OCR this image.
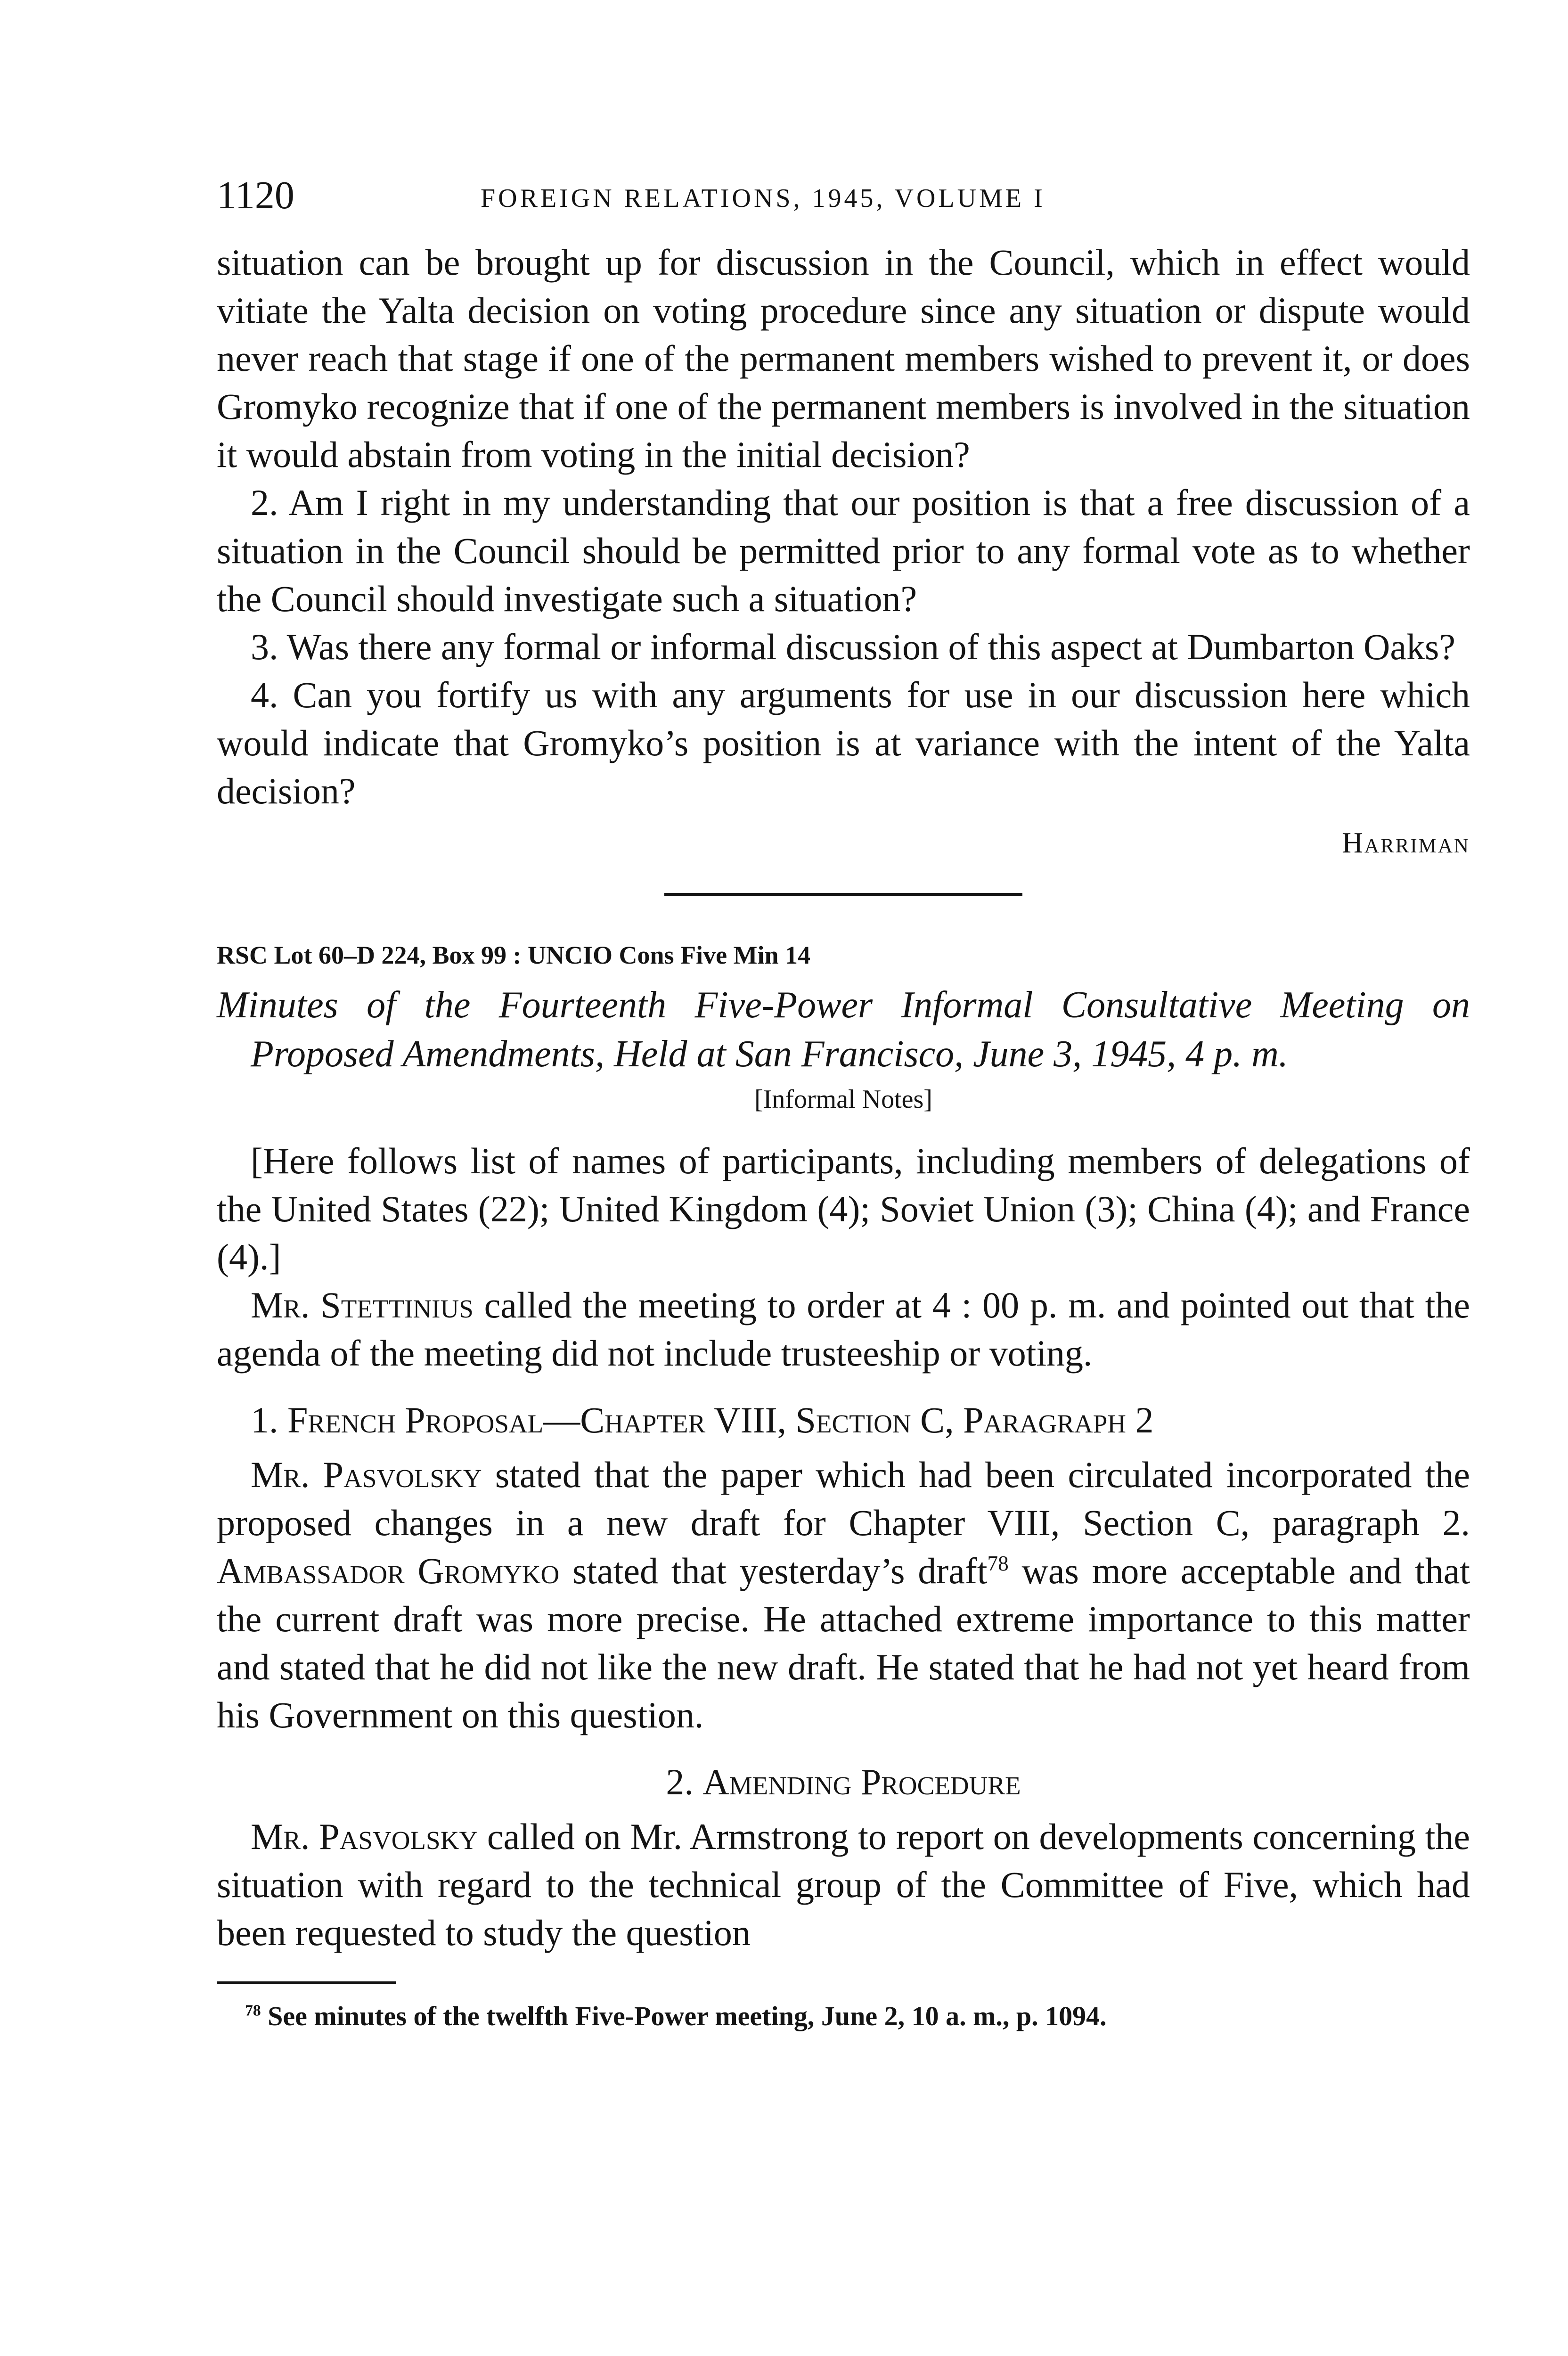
1120	FOREIGN RELATIONS, 1945, VOLUME I

situation can be brought up for discussion in the Council, which in effect would vitiate the Yalta decision on voting procedure since any situation or dispute would never reach that stage if one of the permanent members wished to prevent it, or does Gromyko recognize that if one of the permanent members is involved in the situation it would abstain from voting in the initial decision?

2. Am I right in my understanding that our position is that a free discussion of a situation in the Council should be permitted prior to any formal vote as to whether the Council should investigate such a situation?

3. Was there any formal or informal discussion of this aspect at Dumbarton Oaks?

4. Can you fortify us with any arguments for use in our discussion here which would indicate that Gromyko’s position is at variance with the intent of the Yalta decision?

Harriman
RSC Lot 60–D 224, Box 99 : UNCIO Cons Five Min 14

Minutes of the Fourteenth Five-Power Informal Consultative Meeting on Proposed Amendments, Held at San Francisco, June 3, 1945, 4 p. m.

[Informal Notes]

[Here follows list of names of participants, including members of delegations of the United States (22); United Kingdom (4); Soviet Union (3); China (4); and France (4).]

Mr. Stettinius called the meeting to order at 4 : 00 p. m. and pointed out that the agenda of the meeting did not include trusteeship or voting.

1. French Proposal—Chapter VIII, Section C, Paragraph 2

Mr. Pasvolsky stated that the paper which had been circulated incorporated the proposed changes in a new draft for Chapter VIII, Section C, paragraph 2. Ambassador Gromyko stated that yesterday’s draft$^{78}$ was more acceptable and that the current draft was more precise. He attached extreme importance to this matter and stated that he did not like the new draft. He stated that he had not yet heard from his Government on this question.

2. Amending Procedure

Mr. Pasvolsky called on Mr. Armstrong to report on developments concerning the situation with regard to the technical group of the Committee of Five, which had been requested to study the question

$^{78}$ See minutes of the twelfth Five-Power meeting, June 2, 10 a. m., p. 1094.
